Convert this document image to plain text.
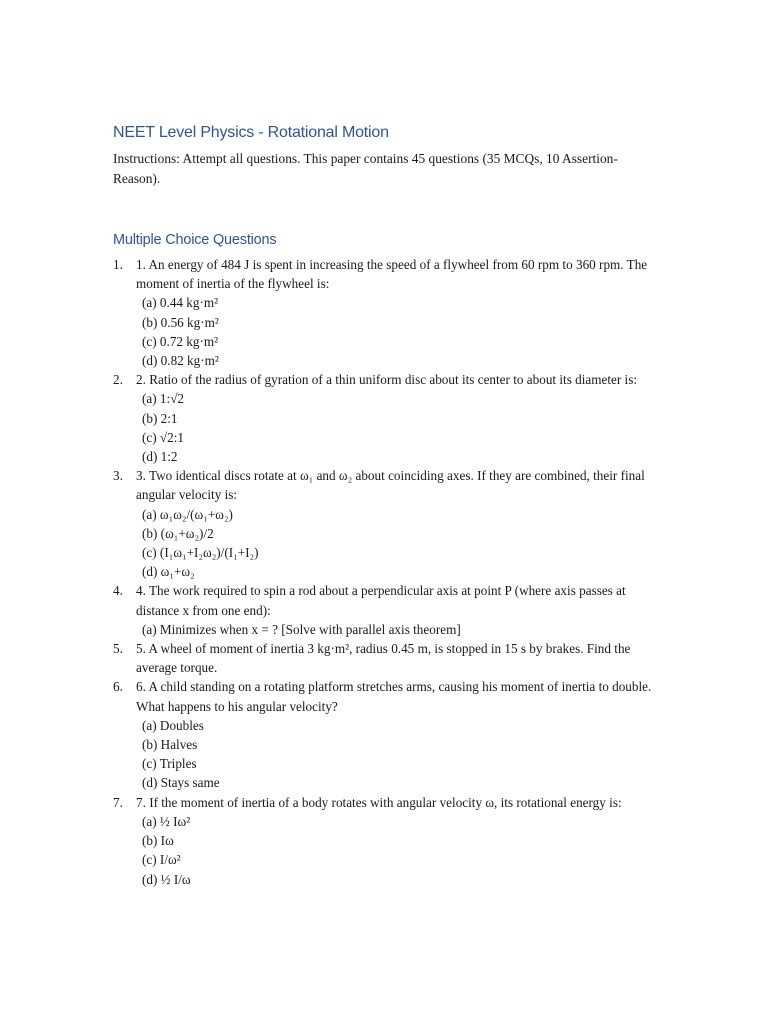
NEET Level Physics - Rotational Motion

Instructions: Attempt all questions. This paper contains 45 questions (35 MCQs, 10 Assertion-Reason).

Multiple Choice Questions
1. 1. An energy of 484 J is spent in increasing the speed of a flywheel from 60 rpm to 360 rpm. The moment of inertia of the flywheel is:
(a) 0.44 kg·m²
(b) 0.56 kg·m²
(c) 0.72 kg·m²
(d) 0.82 kg·m²
2. 2. Ratio of the radius of gyration of a thin uniform disc about its center to about its diameter is:
(a) 1:√2
(b) 2:1
(c) √2:1
(d) 1:2
3. 3. Two identical discs rotate at ω₁ and ω₂ about coinciding axes. If they are combined, their final angular velocity is:
(a) ω₁ω₂/(ω₁+ω₂)
(b) (ω₁+ω₂)/2
(c) (I₁ω₁+I₂ω₂)/(I₁+I₂)
(d) ω₁+ω₂
4. 4. The work required to spin a rod about a perpendicular axis at point P (where axis passes at distance x from one end):
(a) Minimizes when x = ? [Solve with parallel axis theorem]
5. 5. A wheel of moment of inertia 3 kg·m², radius 0.45 m, is stopped in 15 s by brakes. Find the average torque.
6. 6. A child standing on a rotating platform stretches arms, causing his moment of inertia to double. What happens to his angular velocity?
(a) Doubles
(b) Halves
(c) Triples
(d) Stays same
7. 7. If the moment of inertia of a body rotates with angular velocity ω, its rotational energy is:
(a) ½ Iω²
(b) Iω
(c) I/ω²
(d) ½ I/ω
